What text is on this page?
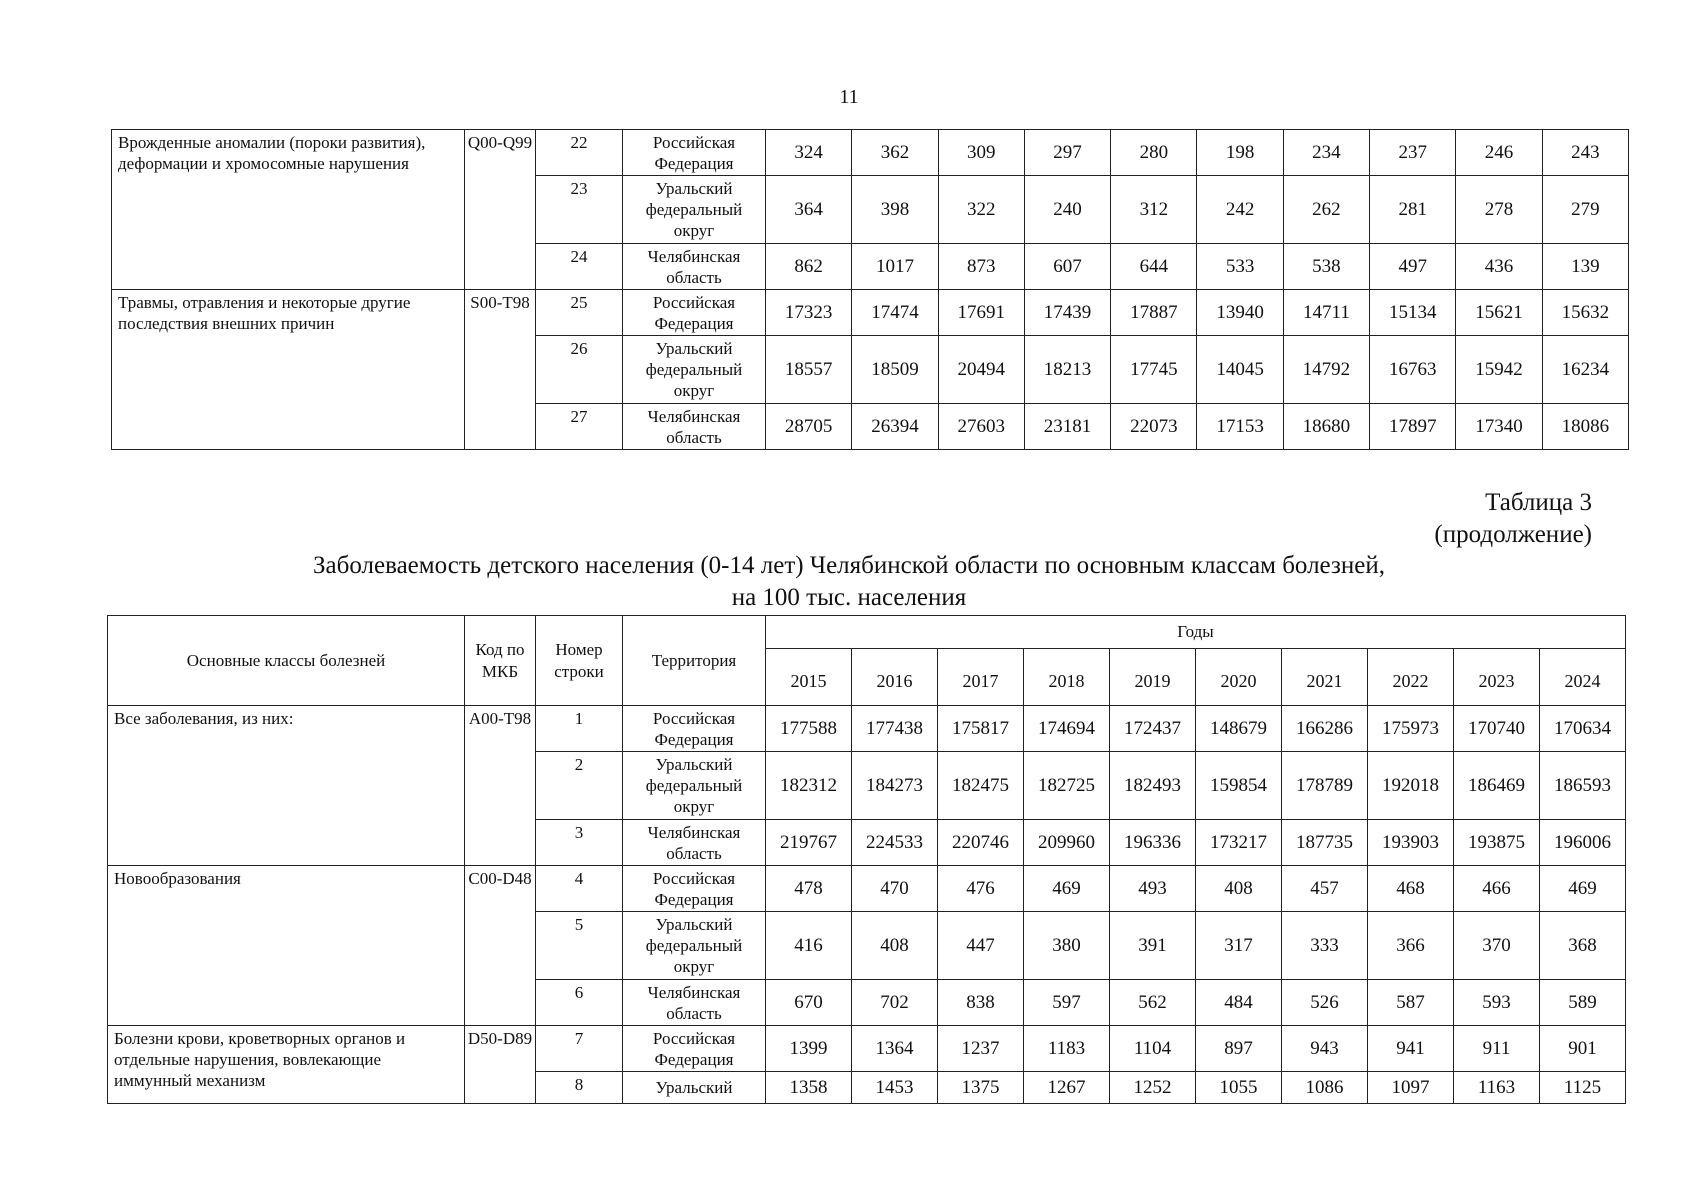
11
Врожденные аномалии (пороки развития), деформации и хромосомные нарушения	Q00-Q99	22	Российская Федерация	324	362	309	297	280	198	234	237	246	243
		23	Уральский федеральный округ	364	398	322	240	312	242	262	281	278	279
		24	Челябинская область	862	1017	873	607	644	533	538	497	436	139
Травмы, отравления и некоторые другие последствия внешних причин	S00-T98	25	Российская Федерация	17323	17474	17691	17439	17887	13940	14711	15134	15621	15632
		26	Уральский федеральный округ	18557	18509	20494	18213	17745	14045	14792	16763	15942	16234
		27	Челябинская область	28705	26394	27603	23181	22073	17153	18680	17897	17340	18086
Таблица 3
(продолжение)
Заболеваемость детского населения (0-14 лет) Челябинской области по основным классам болезней,
на 100 тыс. населения
Основные классы болезней	Код по МКБ	Номер строки	Территория	Годы									
				2015	2016	2017	2018	2019	2020	2021	2022	2023	2024
Все заболевания, из них:	A00-T98	1	Российская Федерация	177588	177438	175817	174694	172437	148679	166286	175973	170740	170634
		2	Уральский федеральный округ	182312	184273	182475	182725	182493	159854	178789	192018	186469	186593
		3	Челябинская область	219767	224533	220746	209960	196336	173217	187735	193903	193875	196006
Новообразования	C00-D48	4	Российская Федерация	478	470	476	469	493	408	457	468	466	469
		5	Уральский федеральный округ	416	408	447	380	391	317	333	366	370	368
		6	Челябинская область	670	702	838	597	562	484	526	587	593	589
Болезни крови, кроветворных органов и отдельные нарушения, вовлекающие иммунный механизм	D50-D89	7	Российская Федерация	1399	1364	1237	1183	1104	897	943	941	911	901
		8	Уральский	1358	1453	1375	1267	1252	1055	1086	1097	1163	1125
